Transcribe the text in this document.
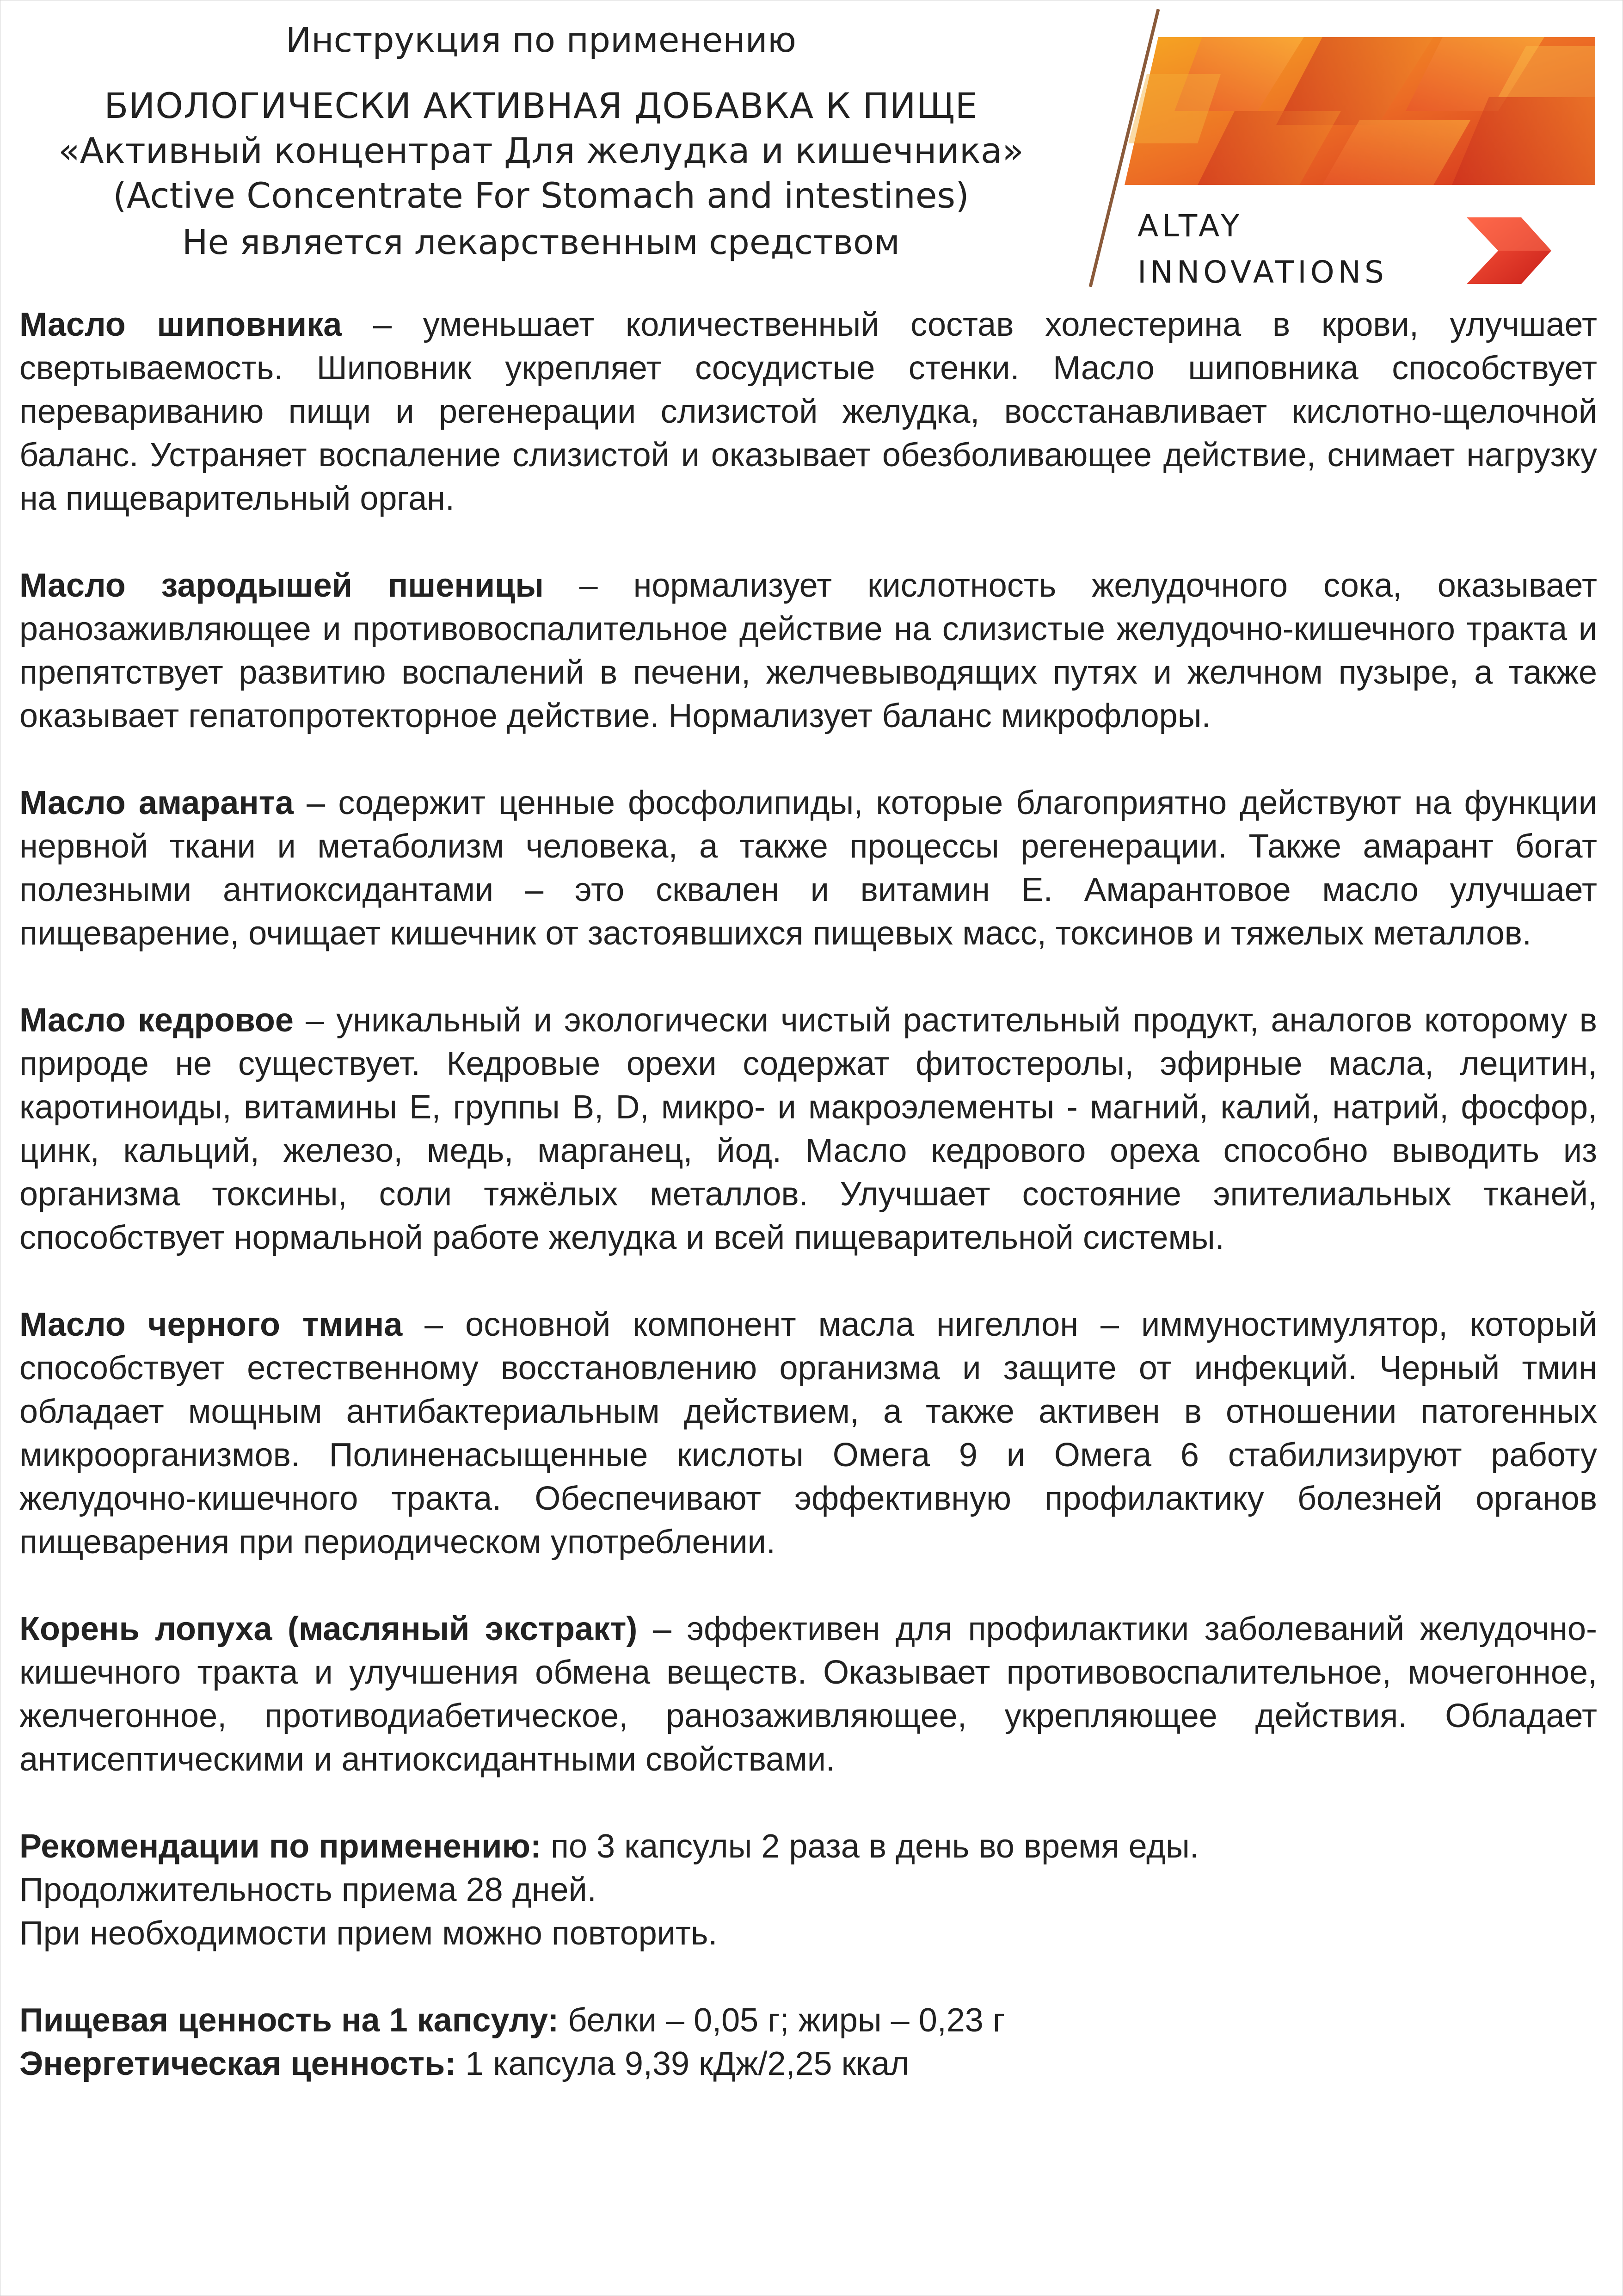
Инструкция по применению
БИОЛОГИЧЕСКИ АКТИВНАЯ ДОБАВКА К ПИЩЕ
«Активный концентрат Для желудка и кишечника»
(Active Concentrate For Stomach and intestines)
Не является лекарственным средством	ALTAY
INNOVATIONS

Масло шиповника – уменьшает количественный состав холестерина в крови, улучшает свертываемость. Шиповник укрепляет сосудистые стенки. Масло шиповника способствует перевариванию пищи и регенерации слизистой желудка, восстанавливает кислотно-щелочной баланс. Устраняет воспаление слизистой и оказывает обезболивающее действие, снимает нагрузку на пищеварительный орган.

Масло зародышей пшеницы – нормализует кислотность желудочного сока, оказывает ранозаживляющее и противовоспалительное действие на слизистые желудочно-кишечного тракта и препятствует развитию воспалений в печени, желчевыводящих путях и желчном пузыре, а также оказывает гепатопротекторное действие. Нормализует баланс микрофлоры.

Масло амаранта – содержит ценные фосфолипиды, которые благоприятно действуют на функции нервной ткани и метаболизм человека, а также процессы регенерации. Также амарант богат полезными антиоксидантами – это сквален и витамин Е. Амарантовое масло улучшает пищеварение, очищает кишечник от застоявшихся пищевых масс, токсинов и тяжелых металлов.

Масло кедровое – уникальный и экологически чистый растительный продукт, аналогов которому в природе не существует. Кедровые орехи содержат фитостеролы, эфирные масла, лецитин, каротиноиды, витамины Е, группы В, D, микро- и макроэлементы - магний, калий, натрий, фосфор, цинк, кальций, железо, медь, марганец, йод. Масло кедрового ореха способно выводить из организма токсины, соли тяжёлых металлов. Улучшает состояние эпителиальных тканей, способствует нормальной работе желудка и всей пищеварительной системы.

Масло черного тмина – основной компонент масла нигеллон – иммуностимулятор, который способствует естественному восстановлению организма и защите от инфекций. Черный тмин обладает мощным антибактериальным действием, а также активен в отношении патогенных микроорганизмов. Полиненасыщенные кислоты Омега 9 и Омега 6 стабилизируют работу желудочно-кишечного тракта. Обеспечивают эффективную профилактику болезней органов пищеварения при периодическом употреблении.

Корень лопуха (масляный экстракт) – эффективен для профилактики заболеваний желудочно-кишечного тракта и улучшения обмена веществ. Оказывает противовоспалительное, мочегонное, желчегонное, противодиабетическое, ранозаживляющее, укрепляющее действия. Обладает антисептическими и антиоксидантными свойствами.

Рекомендации по применению: по 3 капсулы 2 раза в день во время еды.

Продолжительность приема 28 дней.

При необходимости прием можно повторить.

Пищевая ценность на 1 капсулу: белки – 0,05 г; жиры – 0,23 г

Энергетическая ценность: 1 капсула 9,39 кДж/2,25 ккал
